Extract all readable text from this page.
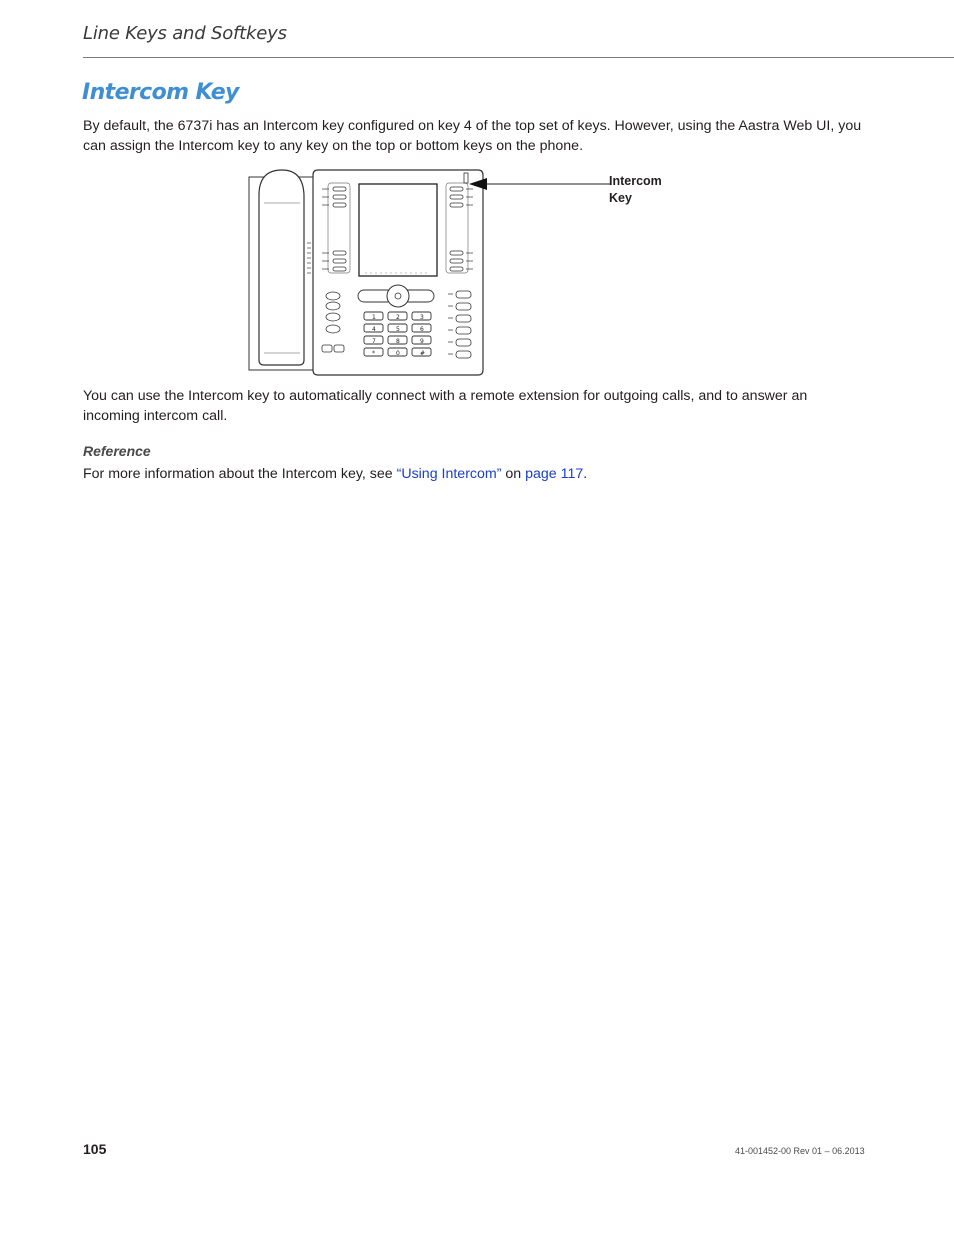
Line Keys and Softkeys
Intercom Key

By default, the 6737i has an Intercom key configured on key 4 of the top set of keys. However, using the Aastra Web UI, you can assign the Intercom key to any key on the top or bottom keys on the phone.

1	2	3
4	5	6
7	8	9
*	0	#
Intercom
Key

You can use the Intercom key to automatically connect with a remote extension for outgoing calls, and to answer an incoming intercom call.

Reference

For more information about the Intercom key, see “Using Intercom” on page 117.

105	41-001452-00 Rev 01 – 06.2013
